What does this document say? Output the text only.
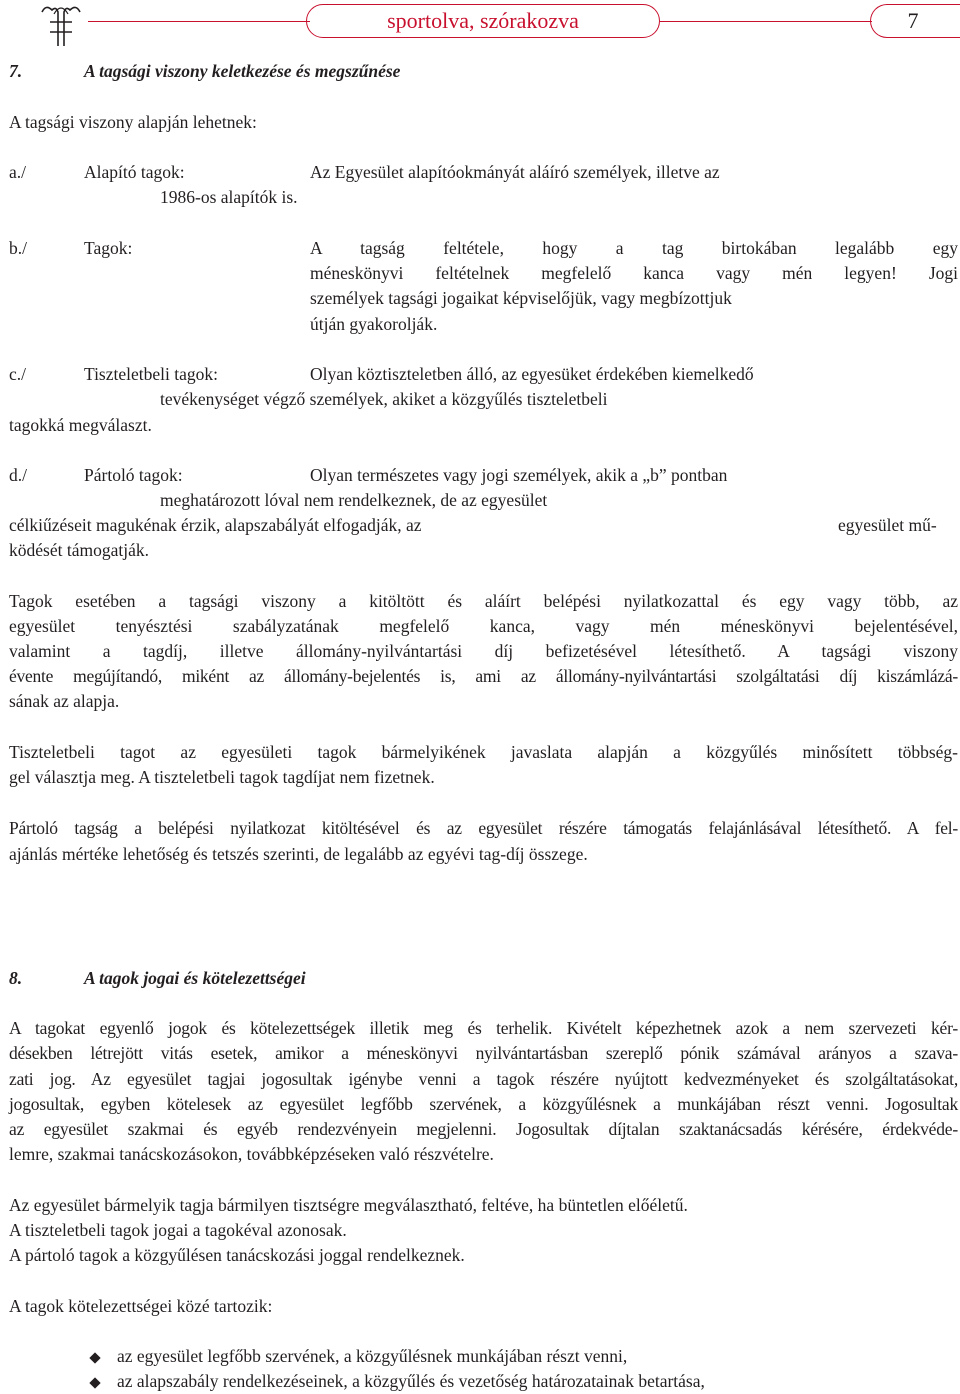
sportolva, szórakozva	7
7.	A tagsági viszony keletkezése és megszűnése
A tagsági viszony alapján lehetnek:
a./	Alapító tagok:	Az Egyesület alapítóokmányát aláíró személyek, illetve az
1986-os alapítók is.
b./	Tagok:	A tagság feltétele, hogy a tag birtokában legalább egy
méneskönyvi feltételnek megfelelő kanca vagy mén legyen! Jogi
személyek tagsági jogaikat képviselőjük, vagy megbízottjuk
útján gyakorolják.
c./	Tiszteletbeli tagok:	Olyan köztiszteletben álló, az egyesüket érdekében kiemelkedő
tevékenységet végző személyek, akiket a közgyűlés tiszteletbeli
tagokká megválaszt.
d./	Pártoló tagok:	Olyan természetes vagy jogi személyek, akik a „b” pontban
meghatározott lóval nem rendelkeznek, de az egyesület
célkiűzéseit magukénak érzik, alapszabályát elfogadják, az	egyesület mű-
ködését támogatják.
Tagok esetében a tagsági viszony a kitöltött és aláírt belépési nyilatkozattal és egy vagy több, az
egyesület tenyésztési szabályzatának megfelelő kanca, vagy mén méneskönyvi bejelentésével,
valamint a tagdíj, illetve állomány-nyilvántartási díj befizetésével létesíthető. A tagsági viszony
évente megújítandó, miként az állomány-bejelentés is, ami az állomány-nyilvántartási szolgáltatási díj kiszámlázá-
sának az alapja.
Tiszteletbeli tagot az egyesületi tagok bármelyikének javaslata alapján a közgyűlés minősített többség-
gel választja meg. A tiszteletbeli tagok tagdíjat nem fizetnek.
Pártoló tagság a belépési nyilatkozat kitöltésével és az egyesület részére támogatás felajánlásával létesíthető. A fel-
ajánlás mértéke lehetőség és tetszés szerinti, de legalább az egyévi tag-díj összege.
8.	A tagok jogai és kötelezettségei
A tagokat egyenlő jogok és kötelezettségek illetik meg és terhelik. Kivételt képezhetnek azok a nem szervezeti kér-
désekben létrejött vitás esetek, amikor a méneskönyvi nyilvántartásban szereplő pónik számával arányos a szava-
zati jog. Az egyesület tagjai jogosultak igénybe venni a tagok részére nyújtott kedvezményeket és szolgáltatásokat,
jogosultak, egyben kötelesek az egyesület legfőbb szervének, a közgyűlésnek a munkájában részt venni. Jogosultak
az egyesület szakmai és egyéb rendezvényein megjelenni. Jogosultak díjtalan szaktanácsadás kérésére, érdekvéde-
lemre, szakmai tanácskozásokon, továbbképzéseken való részvételre.
Az egyesület bármelyik tagja bármilyen tisztségre megválasztható, feltéve, ha büntetlen előéletű.
A tiszteletbeli tagok jogai a tagokéval azonosak.
A pártoló tagok a közgyűlésen tanácskozási joggal rendelkeznek.
A tagok kötelezettségei közé tartozik:
az egyesület legfőbb szervének, a közgyűlésnek munkájában részt venni,
az alapszabály rendelkezéseinek, a közgyűlés és vezetőség határozatainak betartása,
